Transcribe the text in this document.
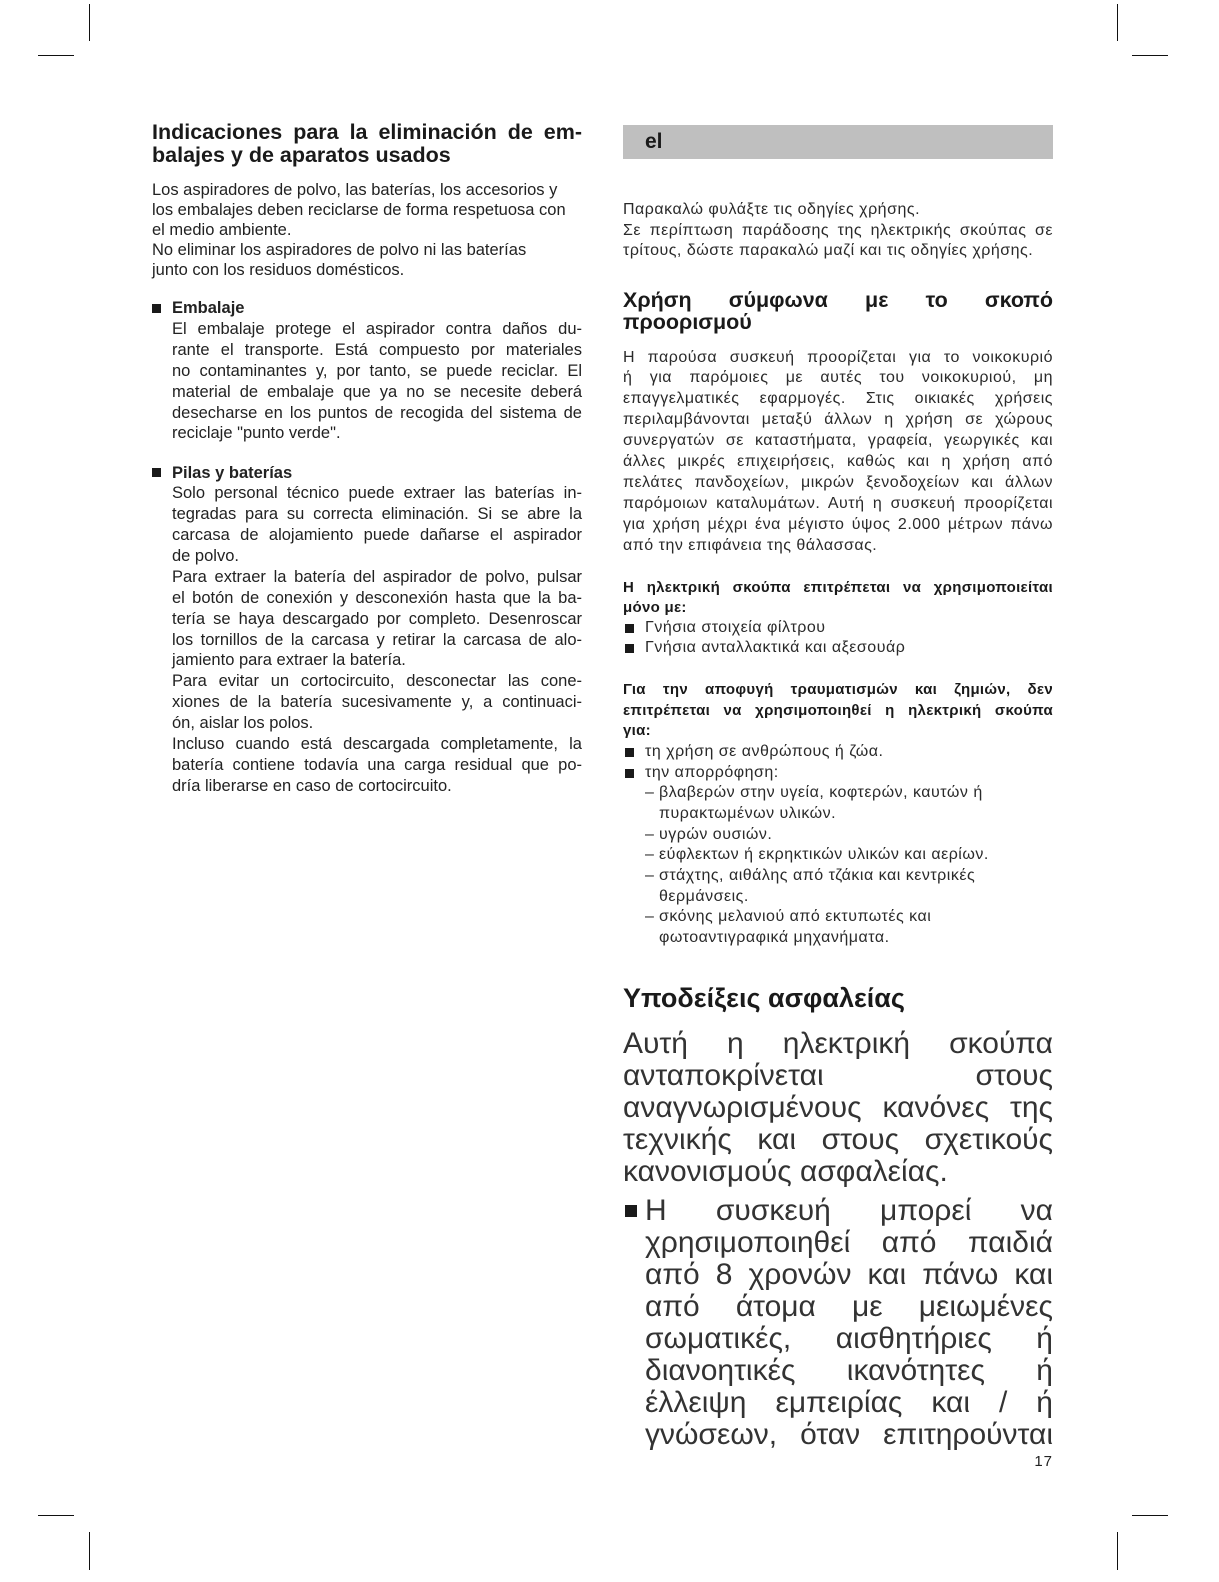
Indicaciones para la eliminación de em-
balajes y de aparatos usados
Los aspiradores de polvo, las baterías, los accesorios y
los embalajes deben reciclarse de forma respetuosa con
el medio ambiente.
No eliminar los aspiradores de polvo ni las baterías
junto con los residuos domésticos.
Embalaje
El embalaje protege el aspirador contra daños du-
rante el transporte. Está compuesto por materiales
no contaminantes y, por tanto, se puede reciclar. El
material de embalaje que ya no se necesite deberá
desecharse en los puntos de recogida del sistema de
reciclaje "punto verde".
Pilas y baterías
Solo personal técnico puede extraer las baterías in-
tegradas para su correcta eliminación. Si se abre la
carcasa de alojamiento puede dañarse el aspirador
de polvo.
Para extraer la batería del aspirador de polvo, pulsar
el botón de conexión y desconexión hasta que la ba-
tería se haya descargado por completo. Desenroscar
los tornillos de la carcasa y retirar la carcasa de alo-
jamiento para extraer la batería.
Para evitar un cortocircuito, desconectar las cone-
xiones de la batería sucesivamente y, a continuaci-
ón, aislar los polos.
Incluso cuando está descargada completamente, la
batería contiene todavía una carga residual que po-
dría liberarse en caso de cortocircuito.
el
Παρακαλώ φυλάξτε τις οδηγίες χρήσης.
Σε περίπτωση παράδοσης της ηλεκτρικής σκούπας σε
τρίτους, δώστε παρακαλώ μαζί και τις οδηγίες χρήσης.
Χρήση σύμφωνα με το σκοπό
προορισμού
Η παρούσα συσκευή προορίζεται για το νοικοκυριό
ή για παρόμοιες με αυτές του νοικοκυριού, μη
επαγγελματικές εφαρμογές. Στις οικιακές χρήσεις
περιλαμβάνονται μεταξύ άλλων η χρήση σε χώρους
συνεργατών σε καταστήματα, γραφεία, γεωργικές και
άλλες μικρές επιχειρήσεις, καθώς και η χρήση από
πελάτες πανδοχείων, μικρών ξενοδοχείων και άλλων
παρόμοιων καταλυμάτων. Αυτή η συσκευή προορίζεται
για χρήση μέχρι ένα μέγιστο ύψος 2.000 μέτρων πάνω
από την επιφάνεια της θάλασσας.
Η ηλεκτρική σκούπα επιτρέπεται να χρησιμοποιείται
μόνο με:
Γνήσια στοιχεία φίλτρου
Γνήσια ανταλλακτικά και αξεσουάρ
Για την αποφυγή τραυματισμών και ζημιών, δεν
επιτρέπεται να χρησιμοποιηθεί η ηλεκτρική σκούπα
για:
τη χρήση σε ανθρώπους ή ζώα.
την απορρόφηση:
– βλαβερών στην υγεία, κοφτερών, καυτών ή
πυρακτωμένων υλικών.
– υγρών ουσιών.
– εύφλεκτων ή εκρηκτικών υλικών και αερίων.
– στάχτης, αιθάλης από τζάκια και κεντρικές
θερμάνσεις.
– σκόνης μελανιού από εκτυπωτές και
φωτοαντιγραφικά μηχανήματα.
Υποδείξεις ασφαλείας
Αυτή η ηλεκτρική σκούπα
ανταποκρίνεται στους
αναγνωρισμένους κανόνες της
τεχνικής και στους σχετικούς
κανονισμούς ασφαλείας.
Η συσκευή μπορεί να
χρησιμοποιηθεί από παιδιά
από 8 χρονών και πάνω και
από άτομα με μειωμένες
σωματικές, αισθητήριες ή
διανοητικές ικανότητες ή
έλλειψη εμπειρίας και / ή
γνώσεων, όταν επιτηρούνται
17
